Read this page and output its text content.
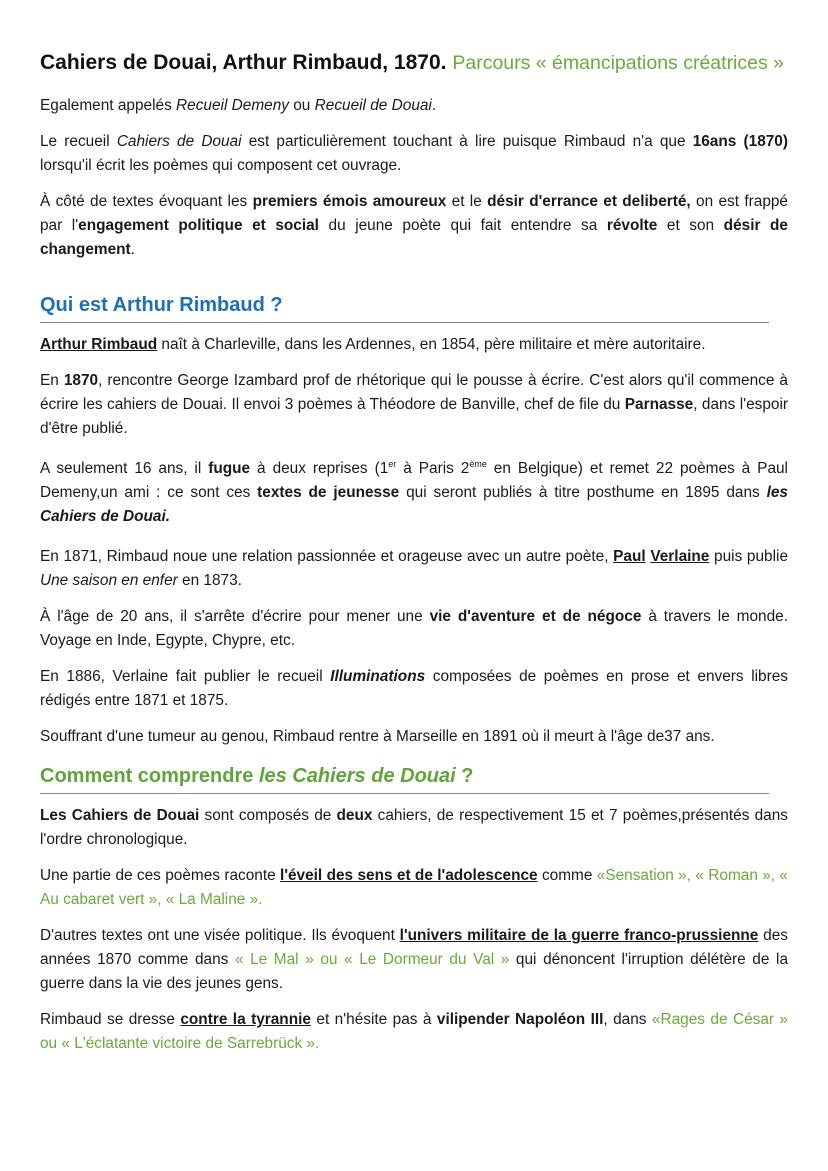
Cahiers de Douai, Arthur Rimbaud, 1870. Parcours « émancipations créatrices »

Egalement appelés Recueil Demeny ou Recueil de Douai.

Le recueil Cahiers de Douai est particulièrement touchant à lire puisque Rimbaud n'a que 16ans (1870) lorsqu'il écrit les poèmes qui composent cet ouvrage.

À côté de textes évoquant les premiers émois amoureux et le désir d'errance et deliberté, on est frappé par l'engagement politique et social du jeune poète qui fait entendre sa révolte et son désir de changement.

Qui est Arthur Rimbaud ?

Arthur Rimbaud naît à Charleville, dans les Ardennes, en 1854, père militaire et mère autoritaire.

En 1870, rencontre George Izambard prof de rhétorique qui le pousse à écrire. C'est alors qu'il commence à écrire les cahiers de Douai. Il envoi 3 poèmes à Théodore de Banville, chef de file du Parnasse, dans l'espoir d'être publié.

A seulement 16 ans, il fugue à deux reprises (1er à Paris 2ème en Belgique) et remet 22 poèmes à Paul Demeny,un ami : ce sont ces textes de jeunesse qui seront publiés à titre posthume en 1895 dans les Cahiers de Douai.

En 1871, Rimbaud noue une relation passionnée et orageuse avec un autre poète, Paul Verlaine puis publie Une saison en enfer en 1873.

À l'âge de 20 ans, il s'arrête d'écrire pour mener une vie d'aventure et de négoce à travers le monde. Voyage en Inde, Egypte, Chypre, etc.

En 1886, Verlaine fait publier le recueil Illuminations composées de poèmes en prose et envers libres rédigés entre 1871 et 1875.

Souffrant d'une tumeur au genou, Rimbaud rentre à Marseille en 1891 où il meurt à l'âge de37 ans.

Comment comprendre les Cahiers de Douai ?

Les Cahiers de Douai sont composés de deux cahiers, de respectivement 15 et 7 poèmes,présentés dans l'ordre chronologique.

Une partie de ces poèmes raconte l'éveil des sens et de l'adolescence comme «Sensation », « Roman », « Au cabaret vert », « La Maline ».

D'autres textes ont une visée politique. Ils évoquent l'univers militaire de la guerre franco-prussienne des années 1870 comme dans « Le Mal » ou « Le Dormeur du Val » qui dénoncent l'irruption délétère de la guerre dans la vie des jeunes gens.

Rimbaud se dresse contre la tyrannie et n'hésite pas à vilipender Napoléon III, dans «Rages de César » ou « L'éclatante victoire de Sarrebrück ».
